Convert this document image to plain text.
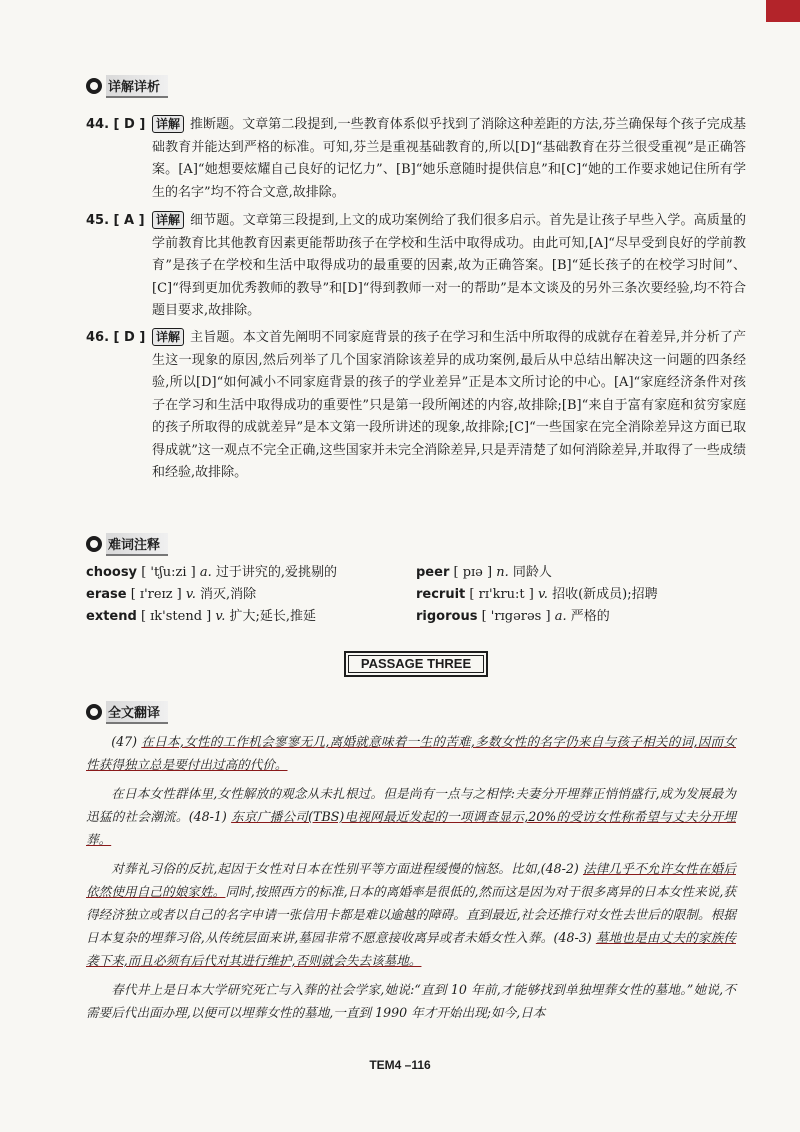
详解详析
44. [ D ] 详解 推断题。文章第二段提到,一些教育体系似乎找到了消除这种差距的方法,芬兰确保每个孩子完成基础教育并能达到严格的标准。可知,芬兰是重视基础教育的,所以[D]“基础教育在芬兰很受重视”是正确答案。[A]“她想要炫耀自己良好的记忆力”、[B]“她乐意随时提供信息”和[C]“她的工作要求她记住所有学生的名字”均不符合文意,故排除。
45. [ A ] 详解 细节题。文章第三段提到,上文的成功案例给了我们很多启示。首先是让孩子早些入学。高质量的学前教育比其他教育因素更能帮助孩子在学校和生活中取得成功。由此可知,[A]“尽早受到良好的学前教育”是孩子在学校和生活中取得成功的最重要的因素,故为正确答案。[B]“延长孩子的在校学习时间”、[C]“得到更加优秀教师的教导”和[D]“得到教师一对一的帮助”是本文谈及的另外三条次要经验,均不符合题目要求,故排除。
46. [ D ] 详解 主旨题。本文首先阐明不同家庭背景的孩子在学习和生活中所取得的成就存在着差异,并分析了产生这一现象的原因,然后列举了几个国家消除该差异的成功案例,最后从中总结出解决这一问题的四条经验,所以[D]“如何减小不同家庭背景的孩子的学业差异”正是本文所讨论的中心。[A]“家庭经济条件对孩子在学习和生活中取得成功的重要性”只是第一段所阐述的内容,故排除;[B]“来自于富有家庭和贫穷家庭的孩子所取得的成就差异”是本文第一段所讲述的现象,故排除;[C]“一些国家在完全消除差异这方面已取得成就”这一观点不完全正确,这些国家并未完全消除差异,只是弄清楚了如何消除差异,并取得了一些成绩和经验,故排除。
难词注释
choosy [ 'tʃu:zi ] a. 过于讲究的,爱挑剔的	peer [ pɪə ] n. 同龄人
erase [ ɪ'reɪz ] v. 消灭,消除	recruit [ rɪ'kru:t ] v. 招收(新成员);招聘
extend [ ɪk'stend ] v. 扩大;延长,推延	rigorous [ 'rɪgərəs ] a. 严格的
PASSAGE THREE
全文翻译

(47) 在日本,女性的工作机会寥寥无几,离婚就意味着一生的苦难,多数女性的名字仍来自与孩子相关的词,因而女性获得独立总是要付出过高的代价。

在日本女性群体里,女性解放的观念从未扎根过。但是尚有一点与之相悖:夫妻分开埋葬正悄悄盛行,成为发展最为迅猛的社会潮流。(48-1) 东京广播公司(TBS)电视网最近发起的一项调查显示,20%的受访女性称希望与丈夫分开埋葬。

对葬礼习俗的反抗,起因于女性对日本在性别平等方面进程缓慢的恼怒。比如,(48-2) 法律几乎不允许女性在婚后依然使用自己的娘家姓。同时,按照西方的标准,日本的离婚率是很低的,然而这是因为对于很多离异的日本女性来说,获得经济独立或者以自己的名字申请一张信用卡都是难以逾越的障碍。直到最近,社会还推行对女性去世后的限制。根据日本复杂的埋葬习俗,从传统层面来讲,墓园非常不愿意接收离异或者未婚女性入葬。(48-3) 墓地也是由丈夫的家族传袭下来,而且必须有后代对其进行维护,否则就会失去该墓地。

春代井上是日本大学研究死亡与入葬的社会学家,她说:“直到 10 年前,才能够找到单独埋葬女性的墓地。”她说,不需要后代出面办理,以便可以埋葬女性的墓地,一直到 1990 年才开始出现;如今,日本

TEM4 –116
